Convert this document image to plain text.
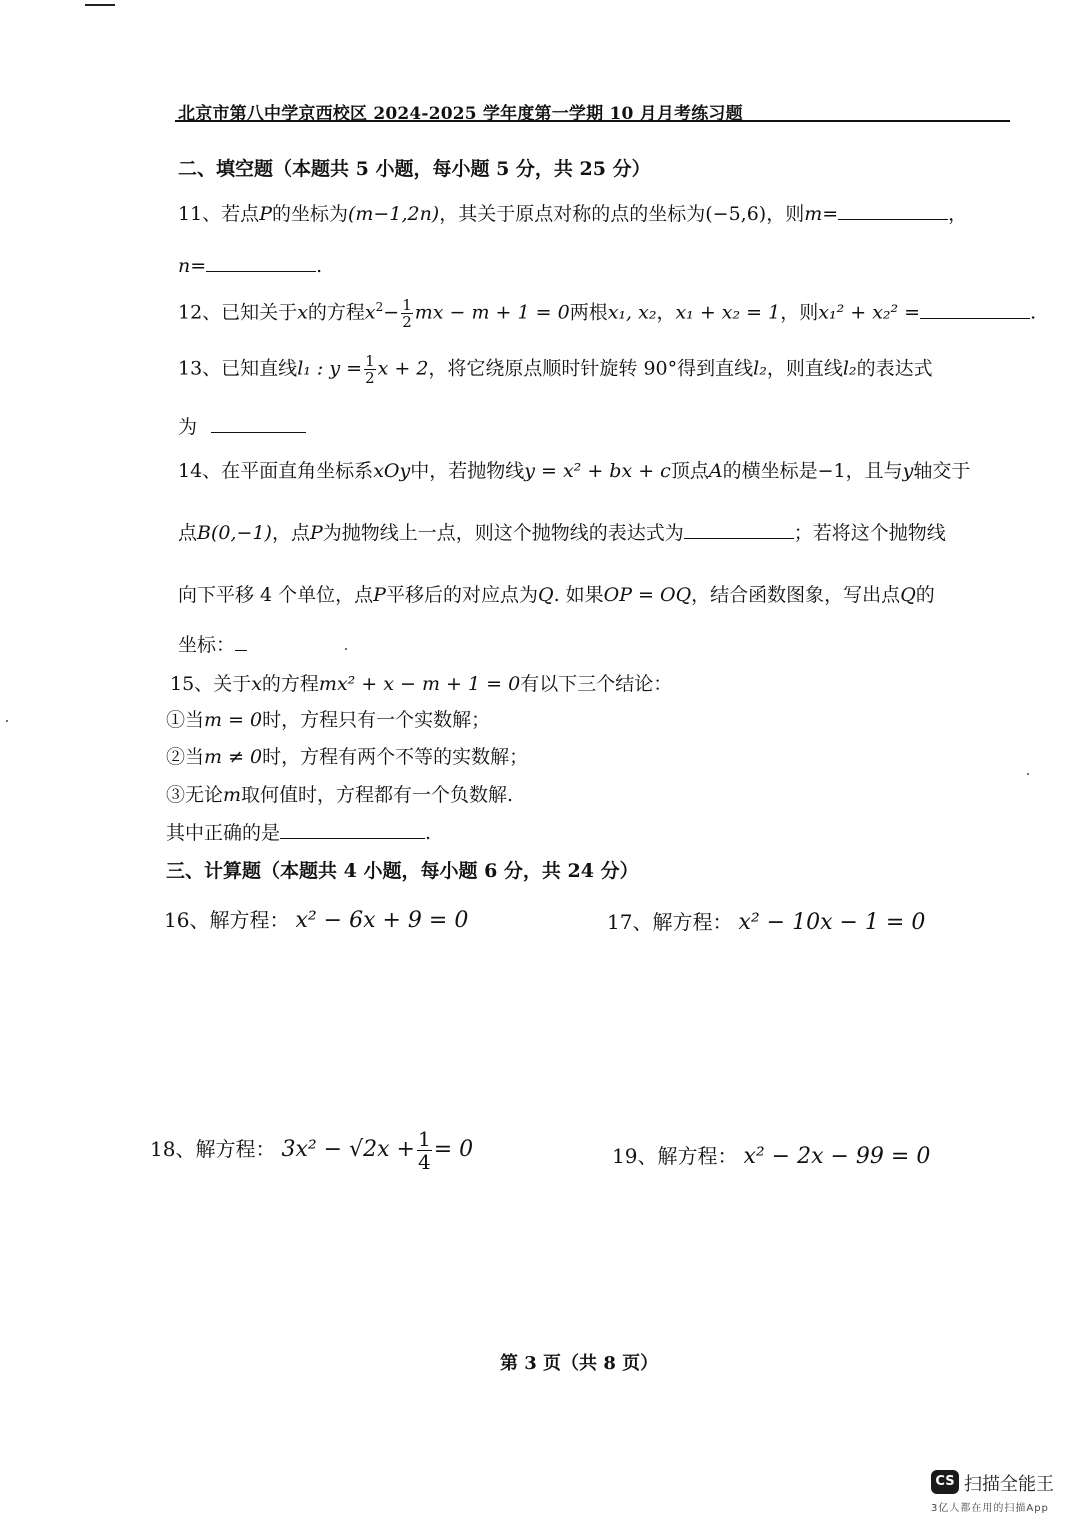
北京市第八中学京西校区 2024-2025 学年度第一学期 10 月月考练习题
二、填空题（本题共 5 小题，每小题 5 分，共 25 分）
11、若点P的坐标为(m−1,2n)，其关于原点对称的点的坐标为(−5,6)，则m=	，
n=	.
12、已知关于x的方程$x^2- \frac{1}{2}$ mx − m + 1 = 0两根x₁, x₂，x₁ + x₂ = 1，则x₁² + x₂² =	.
13、已知直线l₁ : $y = \frac{1}{2}$ x + 2，将它绕原点顺时针旋转 90°得到直线l₂，则直线l₂的表达式
为
14、在平面直角坐标系xOy中，若抛物线y = x² + bx + c顶点A的横坐标是−1，且与y轴交于
点B(0,−1)，点P为抛物线上一点，则这个抛物线的表达式为	；若将这个抛物线
向下平移 4 个单位，点P平移后的对应点为Q. 如果OP = OQ，结合函数图象，写出点Q的
坐标：
15、关于x的方程mx² + x − m + 1 = 0有以下三个结论：
①当m = 0时，方程只有一个实数解；
②当m ≠ 0时，方程有两个不等的实数解；
③无论m取何值时，方程都有一个负数解.
其中正确的是	.
三、计算题（本题共 4 小题，每小题 6 分，共 24 分）
16、解方程： x² − 6x + 9 = 0	17、解方程： x² − 10x − 1 = 0
18、解方程： $3x^2 - √2x + \frac{1}{4} = 0$	19、解方程： x² − 2x − 99 = 0
第 3 页（共 8 页）
CS 扫描全能王
3亿人都在用的扫描App
